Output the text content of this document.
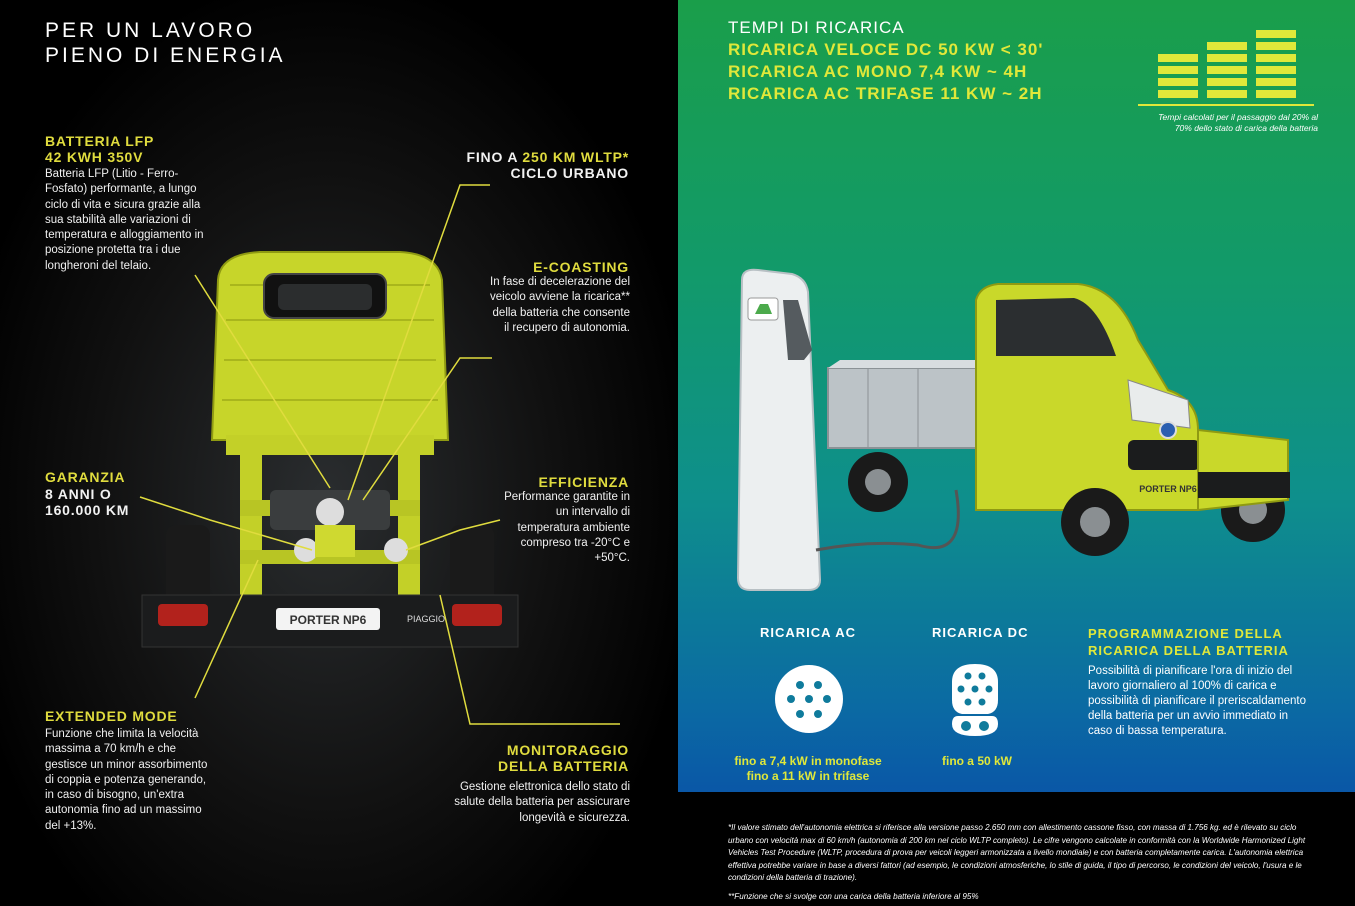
PER UN LAVORO
PIENO DI ENERGIA
PORTER NP6	PIAGGIO
BATTERIA LFP
42 KWH 350V
Batteria LFP (Litio - Ferro-Fosfato) performante, a lungo ciclo di vita e sicura grazie alla sua stabilità alle variazioni di temperatura e alloggiamento in posizione protetta tra i due longheroni del telaio.
FINO A 250 KM WLTP*
CICLO URBANO
E-COASTING
In fase di decelerazione del veicolo avviene la ricarica** della batteria che consente il recupero di autonomia.
GARANZIA
8 ANNI O
160.000 KM
EFFICIENZA
Performance garantite in un intervallo di temperatura ambiente compreso tra -20°C e +50°C.
EXTENDED MODE
Funzione che limita la velocità massima a 70 km/h e che gestisce un minor assorbimento di coppia e potenza generando, in caso di bisogno, un'extra autonomia fino ad un massimo del +13%.
MONITORAGGIO
DELLA BATTERIA
Gestione elettronica dello stato di salute della batteria per assicurare longevità e sicurezza.
TEMPI DI RICARICA
RICARICA VELOCE DC 50 KW < 30'
RICARICA AC MONO 7,4 KW ~ 4H
RICARICA AC TRIFASE 11 KW ~ 2H
Tempi calcolati per il passaggio dal 20% al 70% dello stato di carica della batteria
PORTER NP6
RICARICA AC
fino a 7,4 kW in monofase
fino a 11 kW in trifase
RICARICA DC
fino a 50 kW
PROGRAMMAZIONE DELLA
RICARICA DELLA BATTERIA
Possibilità di pianificare l'ora di inizio del lavoro giornaliero al 100% di carica e possibilità di pianificare il preriscaldamento della batteria per un avvio immediato in caso di bassa temperatura.
*Il valore stimato dell'autonomia elettrica si riferisce alla versione passo 2.650 mm con allestimento cassone fisso, con massa di 1.756 kg. ed è rilevato su ciclo urbano con velocità max di 60 km/h (autonomia di 200 km nel ciclo WLTP completo). Le cifre vengono calcolate in conformità con la Worldwide Harmonized Light Vehicles Test Procedure (WLTP, procedura di prova per veicoli leggeri armonizzata a livello mondiale) e con batteria completamente carica. L'autonomia elettrica effettiva potrebbe variare in base a diversi fattori (ad esempio, le condizioni atmosferiche, lo stile di guida, il tipo di percorso, le condizioni del veicolo, l'usura e le condizioni della batteria di trazione).
**Funzione che si svolge con una carica della batteria inferiore al 95%
